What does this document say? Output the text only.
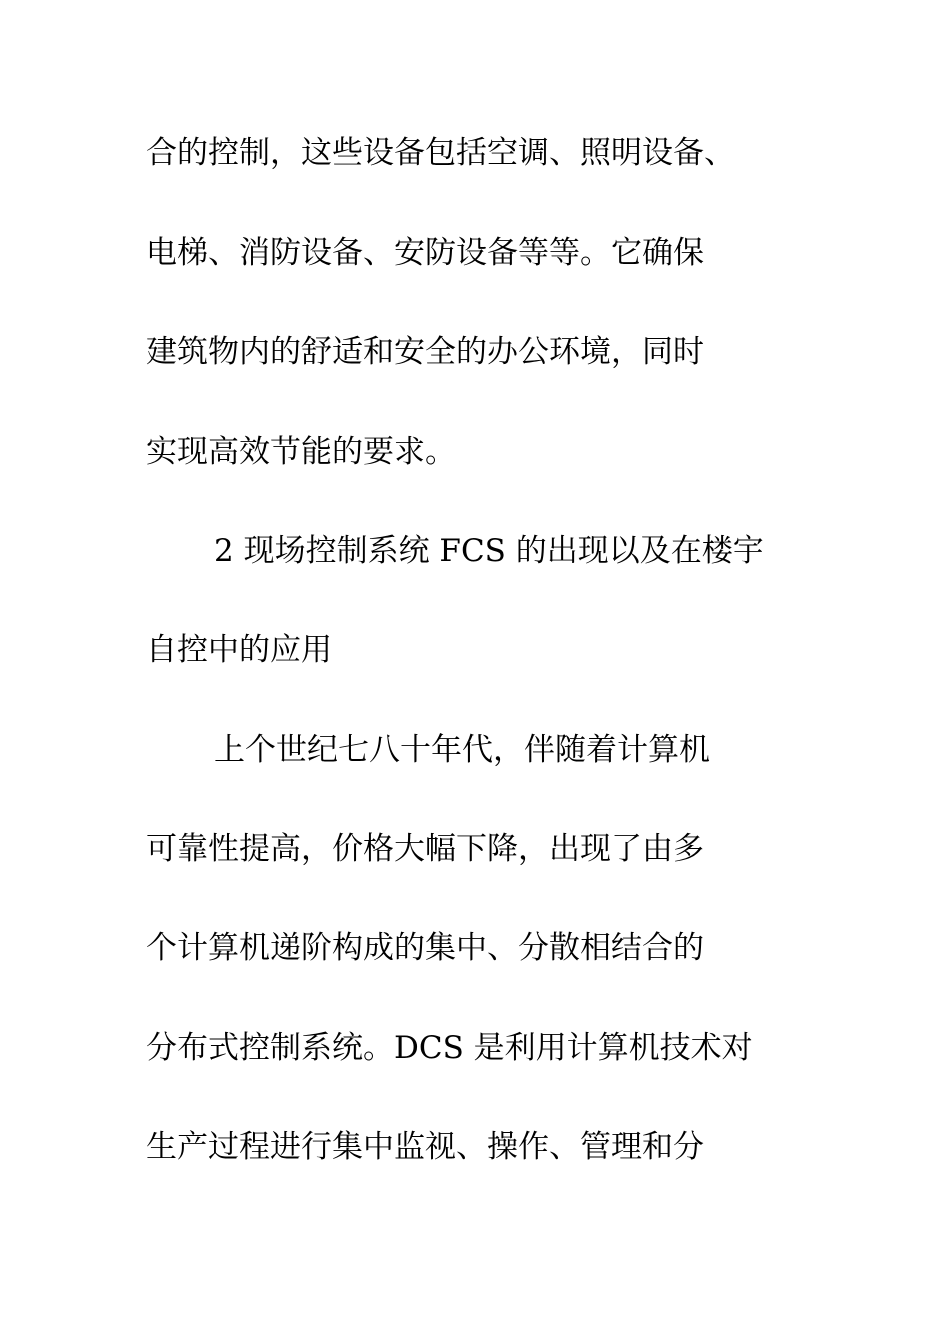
合的控制，这些设备包括空调、照明设备、
电梯、消防设备、安防设备等等。它确保
建筑物内的舒适和安全的办公环境，同时
实现高效节能的要求。
2 现场控制系统 FCS 的出现以及在楼宇
自控中的应用
上个世纪七八十年代，伴随着计算机
可靠性提高，价格大幅下降，出现了由多
个计算机递阶构成的集中、分散相结合的
分布式控制系统。DCS 是利用计算机技术对
生产过程进行集中监视、操作、管理和分
